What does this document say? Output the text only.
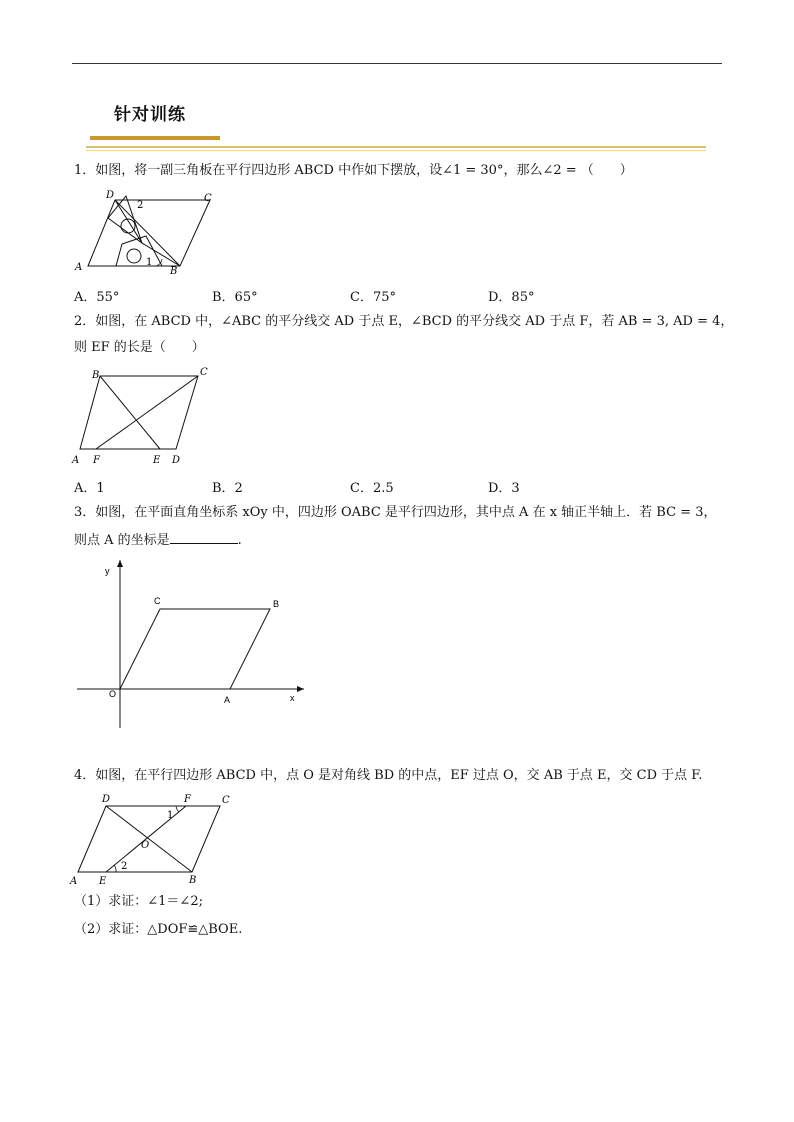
针对训练
1．如图，将一副三角板在平行四边形 ABCD 中作如下摆放，设∠1 = 30°，那么∠2 = （　　）
D	C
A	B
2
1
A．55°	B．65°	C．75°	D．85°
2．如图，在 ABCD 中，∠ABC 的平分线交 AD 于点 E，∠BCD 的平分线交 AD 于点 F，若 AB = 3, AD = 4，
则 EF 的长是（　　）
B	C
A F	E D
A．1	B．2	C．2.5	D．3
3．如图，在平面直角坐标系 xOy 中，四边形 OABC 是平行四边形，其中点 A 在 x 轴正半轴上．若 BC = 3，
则点 A 的坐标是	.
y
x
O
A
B
C
4．如图，在平行四边形 ABCD 中，点 O 是对角线 BD 的中点，EF 过点 O，交 AB 于点 E，交 CD 于点 F.
D	F	C
A E	B
O
1
2
（1）求证：∠1＝∠2;
（2）求证：△DOF≌△BOE.
